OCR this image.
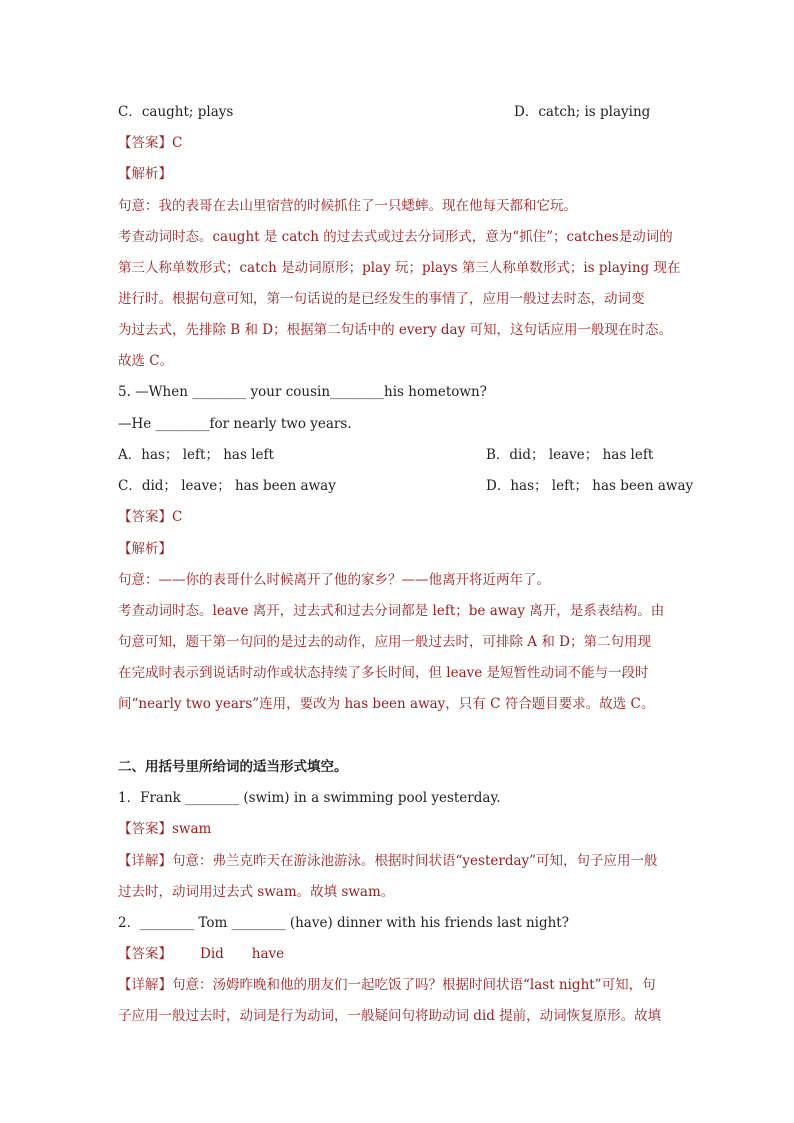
C．caught; plays	D．catch; is playing
【答案】C
【解析】
句意：我的表哥在去山里宿营的时候抓住了一只蟋蟀。现在他每天都和它玩。
考查动词时态。caught 是 catch 的过去式或过去分词形式，意为“抓住”；catches是动词的
第三人称单数形式；catch 是动词原形；play 玩；plays 第三人称单数形式；is playing 现在
进行时。根据句意可知，第一句话说的是已经发生的事情了，应用一般过去时态，动词变
为过去式，先排除 B 和 D；根据第二句话中的 every day 可知，这句话应用一般现在时态。
故选 C。
5. —When ________ your cousin________his hometown?
—He ________for nearly two years.
A．has； left； has left	B．did； leave； has left
C．did； leave； has been away	D．has； left； has been away
【答案】C
【解析】
句意：——你的表哥什么时候离开了他的家乡？——他离开将近两年了。
考查动词时态。leave 离开，过去式和过去分词都是 left；be away 离开，是系表结构。由
句意可知，题干第一句问的是过去的动作，应用一般过去时，可排除 A 和 D；第二句用现
在完成时表示到说话时动作或状态持续了多长时间，但 leave 是短暂性动词不能与一段时
间“nearly two years”连用，要改为 has been away，只有 C 符合题目要求。故选 C。
二、用括号里所给词的适当形式填空。
1．Frank ________ (swim) in a swimming pool yesterday.
【答案】swam
【详解】句意：弗兰克昨天在游泳池游泳。根据时间状语“yesterday”可知，句子应用一般
过去时，动词用过去式 swam。故填 swam。
2．________ Tom ________ (have) dinner with his friends last night?
【答案】 Did have
【详解】句意：汤姆昨晚和他的朋友们一起吃饭了吗？根据时间状语“last night”可知，句
子应用一般过去时，动词是行为动词，一般疑问句将助动词 did 提前，动词恢复原形。故填
